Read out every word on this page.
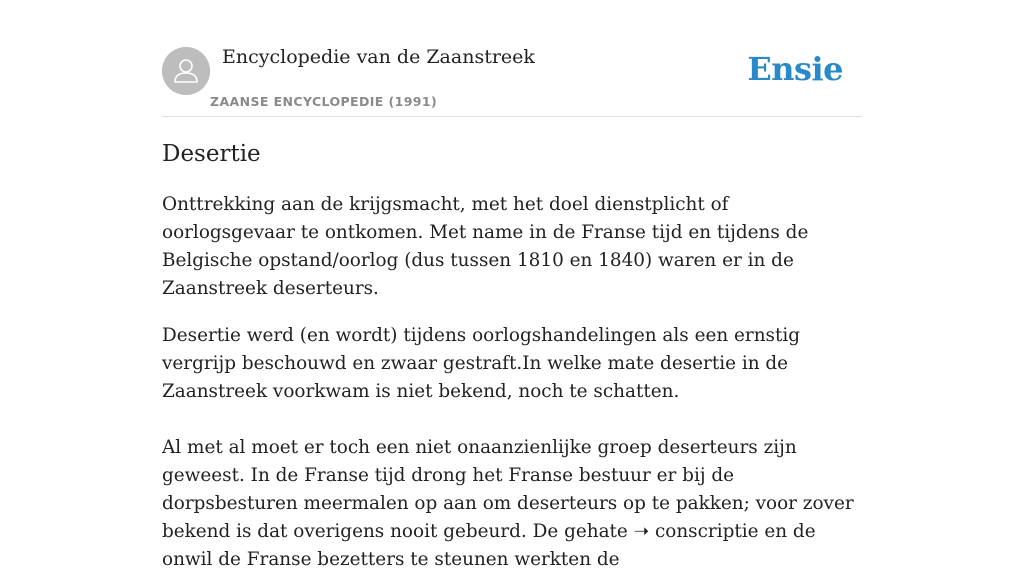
Encyclopedie van de Zaanstreek
ZAANSE ENCYCLOPEDIE (1991)
Ensie
Desertie

Onttrekking aan de krijgsmacht, met het doel dienstplicht of oorlogsgevaar te ontkomen. Met name in de Franse tijd en tijdens de Belgische opstand/oorlog (dus tussen 1810 en 1840) waren er in de Zaanstreek deserteurs.

Desertie werd (en wordt) tijdens oorlogshandelingen als een ernstig vergrijp beschouwd en zwaar gestraft.In welke mate desertie in de Zaanstreek voorkwam is niet bekend, noch te schatten.

Al met al moet er toch een niet onaanzienlijke groep deserteurs zijn geweest. In de Franse tijd drong het Franse bestuur er bij de dorpsbesturen meermalen op aan om deserteurs op te pakken; voor zover bekend is dat overigens nooit gebeurd. De gehate ➝ conscriptie en de onwil de Franse bezetters te steunen werkten de
